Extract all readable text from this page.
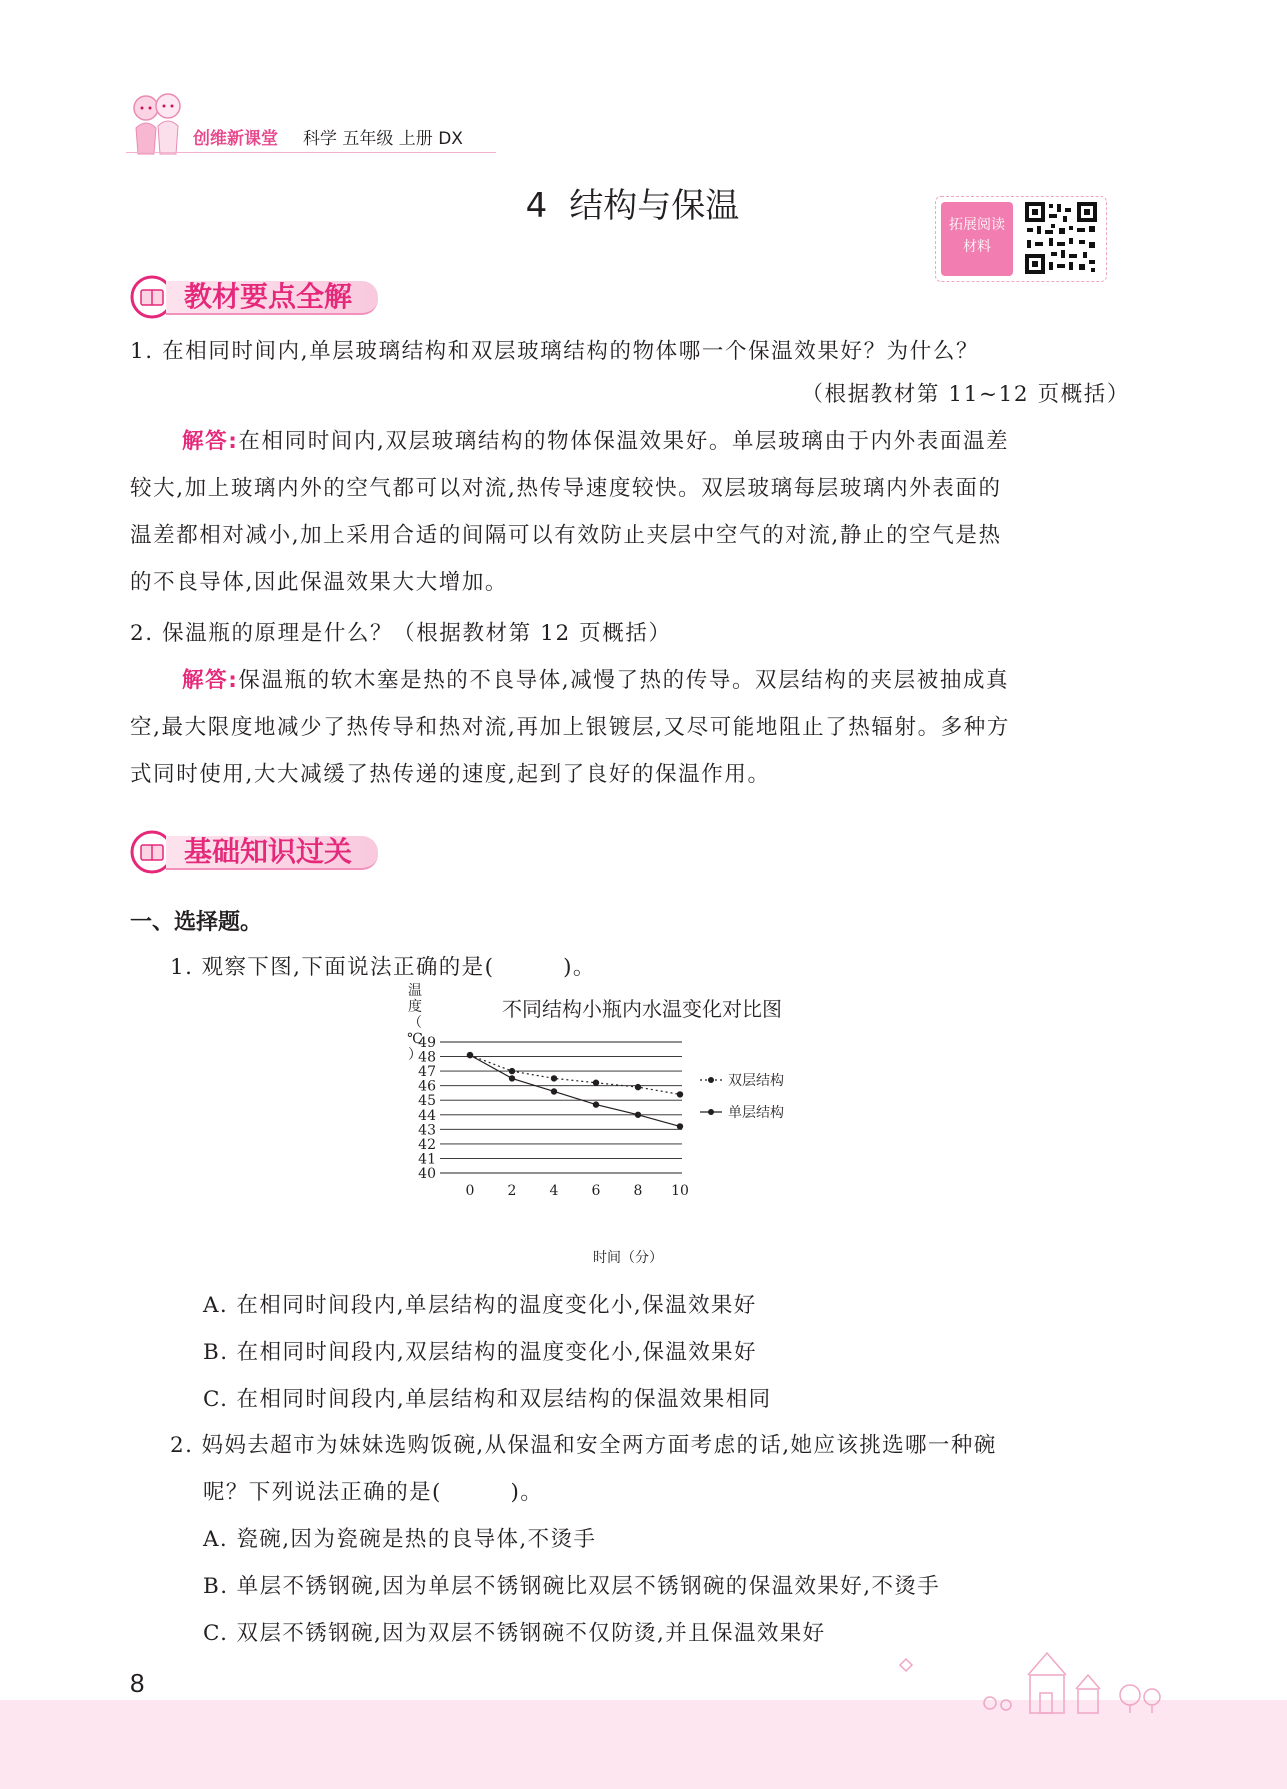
创维新课堂 科学 五年级 上册 DX
4 结构与保温	拓展阅读
材料
教材要点全解
1. 在相同时间内,单层玻璃结构和双层玻璃结构的物体哪一个保温效果好？为什么？
（根据教材第 11~12 页概括）
解答:在相同时间内,双层玻璃结构的物体保温效果好。单层玻璃由于内外表面温差
较大,加上玻璃内外的空气都可以对流,热传导速度较快。双层玻璃每层玻璃内外表面的
温差都相对减小,加上采用合适的间隔可以有效防止夹层中空气的对流,静止的空气是热
的不良导体,因此保温效果大大增加。
2. 保温瓶的原理是什么？（根据教材第 12 页概括）
解答:保温瓶的软木塞是热的不良导体,减慢了热的传导。双层结构的夹层被抽成真
空,最大限度地减少了热传导和热对流,再加上银镀层,又尽可能地阻止了热辐射。多种方
式同时使用,大大减缓了热传递的速度,起到了良好的保温作用。
基础知识过关
一、选择题。
1. 观察下图,下面说法正确的是(　　　)。
不同结构小瓶内水温变化对比图
40
41
42
43
44
45
46
47
48
49
0 2 4 6 8 10
双层结构
单层结构
温
度
（
℃
）
时间（分）
A. 在相同时间段内,单层结构的温度变化小,保温效果好
B. 在相同时间段内,双层结构的温度变化小,保温效果好
C. 在相同时间段内,单层结构和双层结构的保温效果相同
2. 妈妈去超市为妹妹选购饭碗,从保温和安全两方面考虑的话,她应该挑选哪一种碗
呢？下列说法正确的是(　　　)。
A. 瓷碗,因为瓷碗是热的良导体,不烫手
B. 单层不锈钢碗,因为单层不锈钢碗比双层不锈钢碗的保温效果好,不烫手
C. 双层不锈钢碗,因为双层不锈钢碗不仅防烫,并且保温效果好
8
